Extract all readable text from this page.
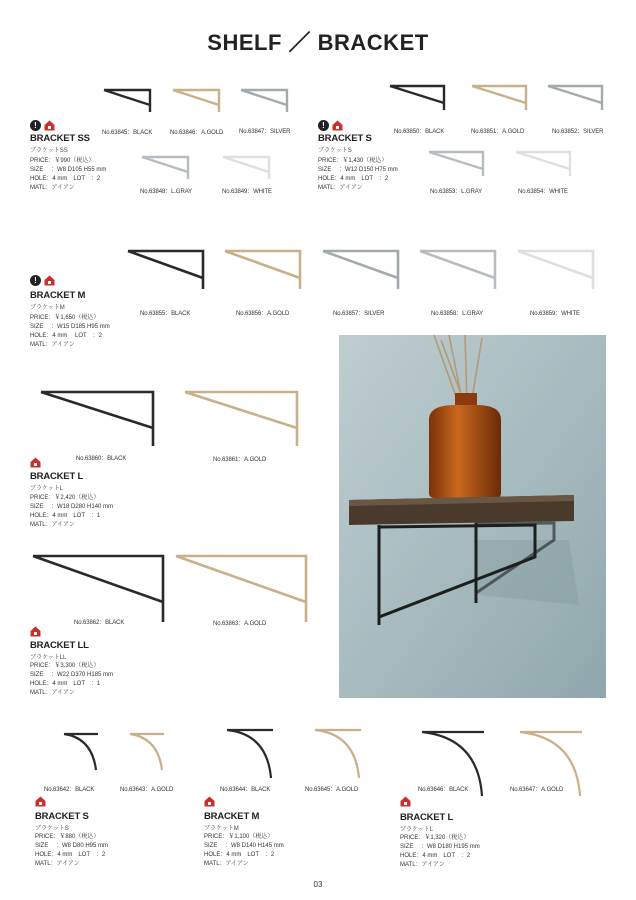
SHELF ／ BRACKET
No.63845：BLACK	No.63846：A.GOLD	No.63847：SILVER
No.63848：L.GRAY	No.63849：WHITE
!
BRACKET SS
ブラケットSS
PRICE：￥990（税込）
SIZE 　：W8 D105 H55 mm
HOLE：4 mm　LOT　：2
MATL：アイアン
No.63850：BLACK	No.63851：A.GOLD	No.63852：SILVER
No.63853：L.GRAY	No.63854：WHITE
!
BRACKET S
ブラケットS
PRICE：￥1,430（税込）
SIZE 　：W12 D150 H75 mm
HOLE：4 mm　LOT　：2
MATL：アイアン
No.63855：BLACK	No.63856：A.GOLD	No.63857：SILVER	No.63858：L.GRAY	No.63859：WHITE
!
BRACKET M
ブラケットM
PRICE：￥1,650（税込）
SIZE 　：W15 D185 H95 mm
HOLE：4 mm　 LOT　：2
MATL：アイアン
No.63860：BLACK	No.63861：A.GOLD
BRACKET L
ブラケットL
PRICE：￥2,420（税込）
SIZE 　：W18 D280 H140 mm
HOLE：4 mm　LOT　：1
MATL：アイアン
No.63862：BLACK	No.63863：A.GOLD
BRACKET LL
ブラケットLL
PRICE：￥3,300（税込）
SIZE 　：W22 D370 H185 mm
HOLE：4 mm　LOT　：1
MATL：アイアン
No.63642：BLACK	No.63643：A.GOLD
BRACKET S
ブラケットS
PRICE：￥880（税込）
SIZE 　：W8 D80 H95 mm
HOLE：4 mm　LOT　：2
MATL：アイアン
No.63644：BLACK	No.63645：A.GOLD
BRACKET M
ブラケットM
PRICE：￥1,100（税込）
SIZE 　：W8 D140 H145 mm
HOLE：4 mm　LOT　：2
MATL：アイアン
No.63646：BLACK	No.63647：A.GOLD
BRACKET L
ブラケットL
PRICE：￥1,320（税込）
SIZE 　：W8 D180 H195 mm
HOLE：4 mm　LOT　：2
MATL：アイアン
03
